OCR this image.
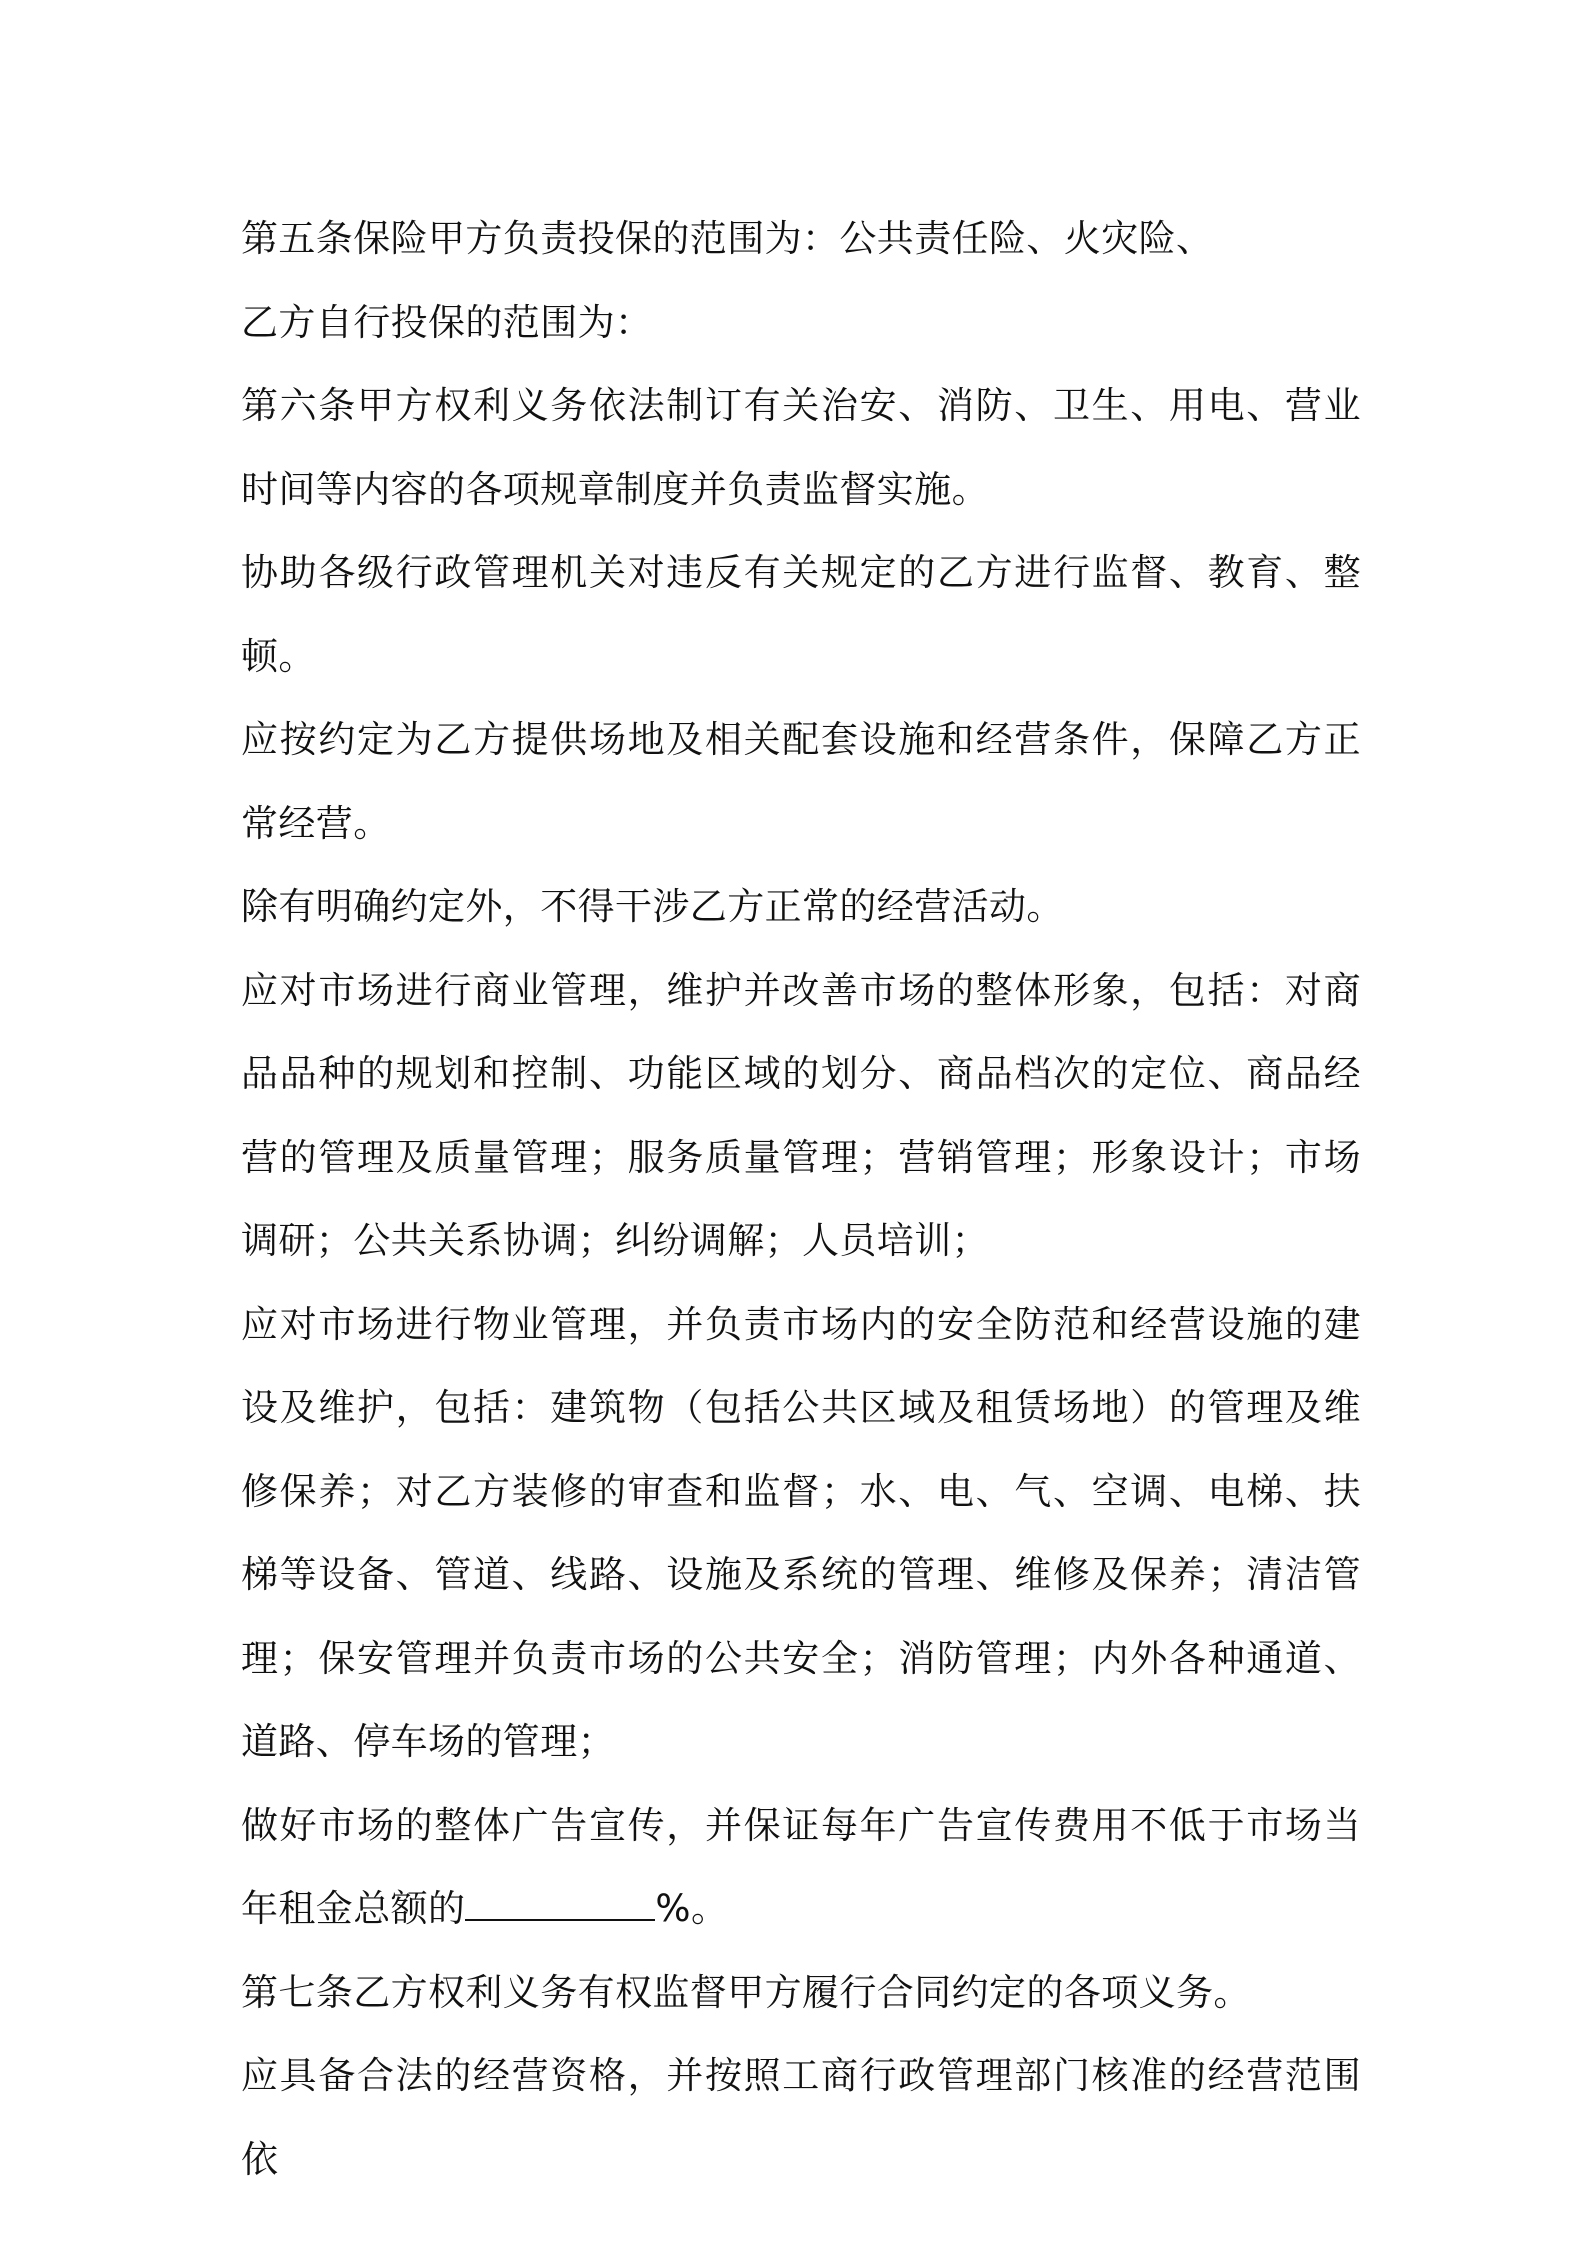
第五条保险甲方负责投保的范围为：公共责任险、火灾险、

乙方自行投保的范围为：

第六条甲方权利义务依法制订有关治安、消防、卫生、用电、营业时间等内容的各项规章制度并负责监督实施。

协助各级行政管理机关对违反有关规定的乙方进行监督、教育、整顿。

应按约定为乙方提供场地及相关配套设施和经营条件，保障乙方正常经营。

除有明确约定外，不得干涉乙方正常的经营活动。

应对市场进行商业管理，维护并改善市场的整体形象，包括：对商品品种的规划和控制、功能区域的划分、商品档次的定位、商品经营的管理及质量管理；服务质量管理；营销管理；形象设计；市场调研；公共关系协调；纠纷调解；人员培训；

应对市场进行物业管理，并负责市场内的安全防范和经营设施的建设及维护，包括：建筑物（包括公共区域及租赁场地）的管理及维修保养；对乙方装修的审查和监督；水、电、气、空调、电梯、扶梯等设备、管道、线路、设施及系统的管理、维修及保养；清洁管理；保安管理并负责市场的公共安全；消防管理；内外各种通道、道路、停车场的管理；

做好市场的整体广告宣传，并保证每年广告宣传费用不低于市场当年租金总额的	%。

第七条乙方权利义务有权监督甲方履行合同约定的各项义务。

应具备合法的经营资格，并按照工商行政管理部门核准的经营范围依
